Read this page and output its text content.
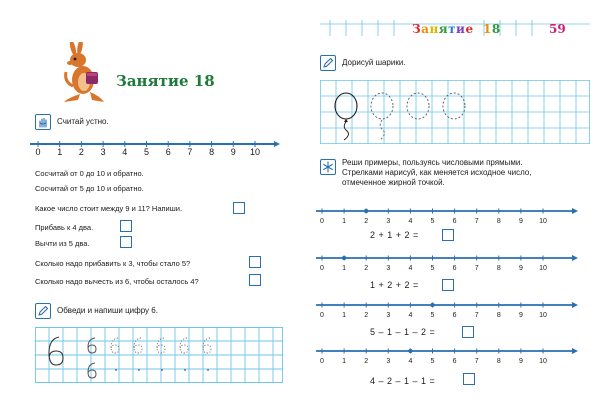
Занятие 18
Считай устно.
0 1 2 3 4 5 6 7 8 9 10
Сосчитай от 0 до 10 и обратно.
Сосчитай от 5 до 10 и обратно.
Какое число стоит между 9 и 11? Напиши.
Прибавь к 4 два.
Вычти из 5 два.
Сколько надо прибавить к 3, чтобы стало 5?
Сколько надо вычесть из 6, чтобы осталось 4?
Обведи и напиши цифру 6.
Занятие 18	59
Дорисуй шарики.
Реши примеры, пользуясь числовыми прямыми.
Стрелками нарисуй, как меняется исходное число,
отмеченное жирной точкой.
0	1	2	3	4	5	6	7	8	9 10
2 + 1 + 2 =
0	1	2	3	4	5	6	7	8	9 10
1 + 2 + 2 =
0	1	2	3	4	5	6	7	8	9 10
5 – 1 – 1 – 2 =
0	1	2	3	4	5	6	7	8	9 10
4 – 2 – 1 – 1 =
